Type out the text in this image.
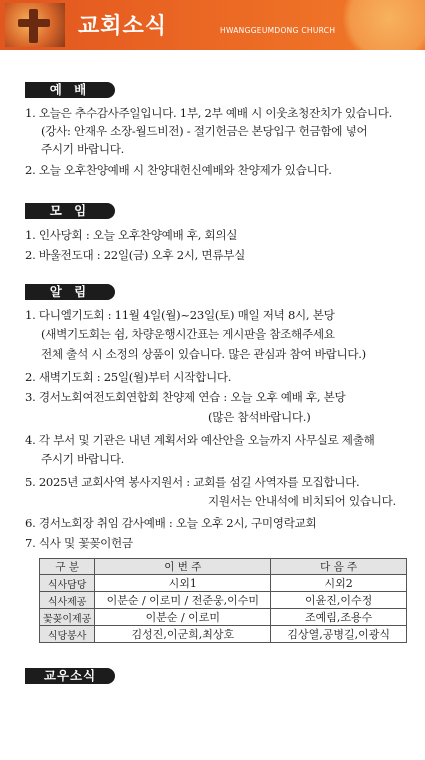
교회소식	HWANGGEUMDONG CHURCH
예 배
1. 오늘은 추수감사주일입니다. 1부, 2부 예배 시 이웃초청잔치가 있습니다.
(강사: 안재우 소장-월드비전) - 절기헌금은 본당입구 헌금함에 넣어
주시기 바랍니다.
2. 오늘 오후찬양예배 시 찬양대헌신예배와 찬양제가 있습니다.
모 임
1. 인사당회 : 오늘 오후찬양예배 후, 회의실
2. 바울전도대 : 22일(금) 오후 2시, 면류부실
알 림
1. 다니엘기도회 : 11월 4일(월)~23일(토) 매일 저녁 8시, 본당
(새벽기도회는 쉼, 차량운행시간표는 게시판을 참조해주세요
전체 출석 시 소정의 상품이 있습니다. 많은 관심과 참여 바랍니다.)
2. 새벽기도회 : 25일(월)부터 시작합니다.
3. 경서노회여전도회연합회 찬양제 연습 : 오늘 오후 예배 후, 본당
(많은 참석바랍니다.)
4. 각 부서 및 기관은 내년 계획서와 예산안을 오늘까지 사무실로 제출해
주시기 바랍니다.
5. 2025년 교회사역 봉사지원서 : 교회를 섬길 사역자를 모집합니다.
지원서는 안내석에 비치되어 있습니다.
6. 경서노회장 취임 감사예배 : 오늘 오후 2시, 구미영락교회
7. 식사 및 꽃꽂이헌금
구 분	이 번 주	다 음 주
식사담당	시외1	시외2
식사제공	이분순 / 이로미 / 전준웅,이수미	이윤진,이수정
꽃꽂이제공	이분순 / 이로미	조예림,조용수
식당봉사	김성진,이군희,최상호	김상열,공병길,이광식
교우소식
